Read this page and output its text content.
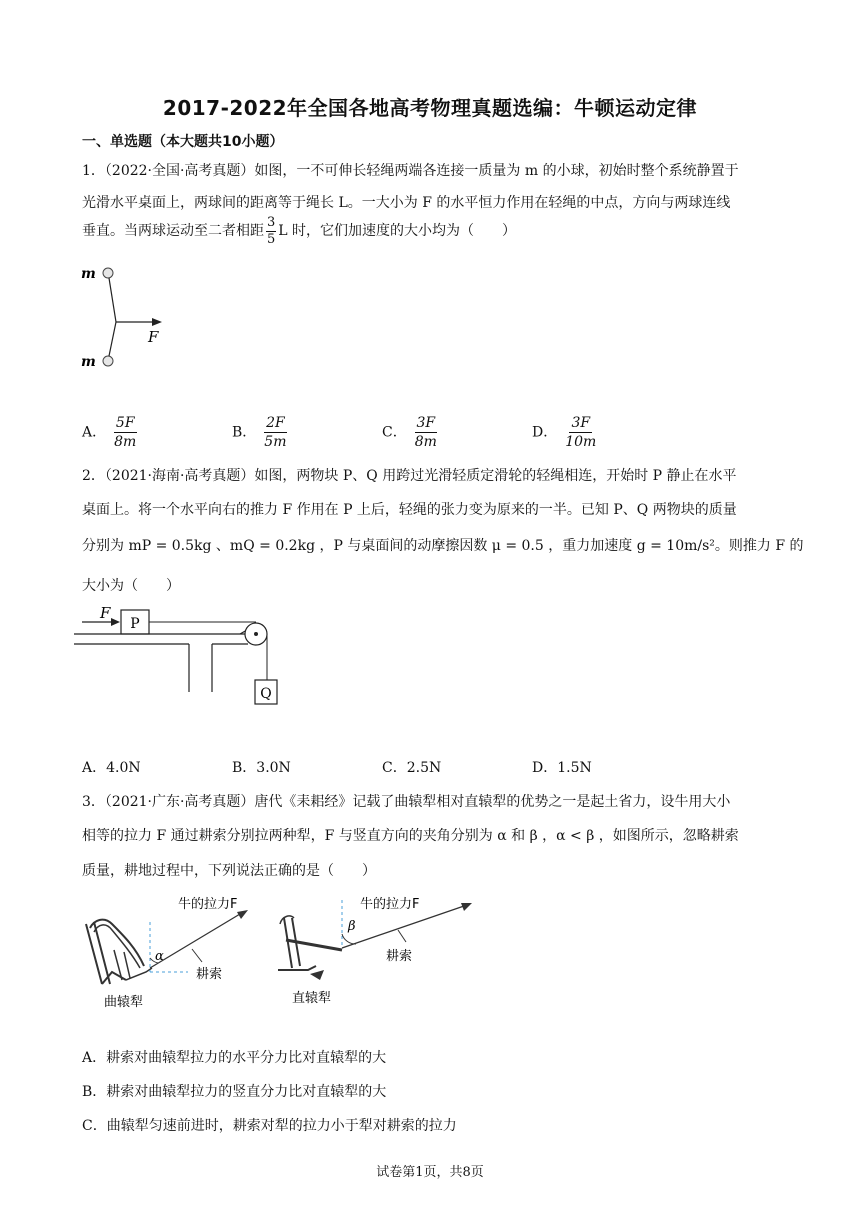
2017-2022年全国各地高考物理真题选编：牛顿运动定律
一、单选题（本大题共10小题）
1．（2022·全国·高考真题）如图，一不可伸长轻绳两端各连接一质量为 m 的小球，初始时整个系统静置于
光滑水平桌面上，两球间的距离等于绳长 L。一大小为 F 的水平恒力作用在轻绳的中点，方向与两球连线
垂直。当两球运动至二者相距 $\frac{3}{5}$ L 时，它们加速度的大小均为（　　）
m
m
F
A． $\frac{5F}{8m}$	B． $\frac{2F}{5m}$	C． $\frac{3F}{8m}$	D． $\frac{3F}{10m}$
2．（2021·海南·高考真题）如图，两物块 P、Q 用跨过光滑轻质定滑轮的轻绳相连，开始时 P 静止在水平
桌面上。将一个水平向右的推力 F 作用在 P 上后，轻绳的张力变为原来的一半。已知 P、Q 两物块的质量
分别为 mP = 0.5kg 、mQ = 0.2kg ，P 与桌面间的动摩擦因数 μ = 0.5 ，重力加速度 g = 10m/s²。则推力 F 的
大小为（　　）
F
P
Q
A．4.0N	B．3.0N	C．2.5N	D．1.5N
3．（2021·广东·高考真题）唐代《耒耜经》记载了曲辕犁相对直辕犁的优势之一是起土省力，设牛用大小
相等的拉力 F 通过耕索分别拉两种犁，F 与竖直方向的夹角分别为 α 和 β ，α < β ，如图所示，忽略耕索
质量，耕地过程中，下列说法正确的是（　　）
牛的拉力F
α
耕索
曲辕犁
牛的拉力F
β
耕索
直辕犁
A．耕索对曲辕犁拉力的水平分力比对直辕犁的大
B．耕索对曲辕犁拉力的竖直分力比对直辕犁的大
C．曲辕犁匀速前进时，耕索对犁的拉力小于犁对耕索的拉力
试卷第1页，共8页
